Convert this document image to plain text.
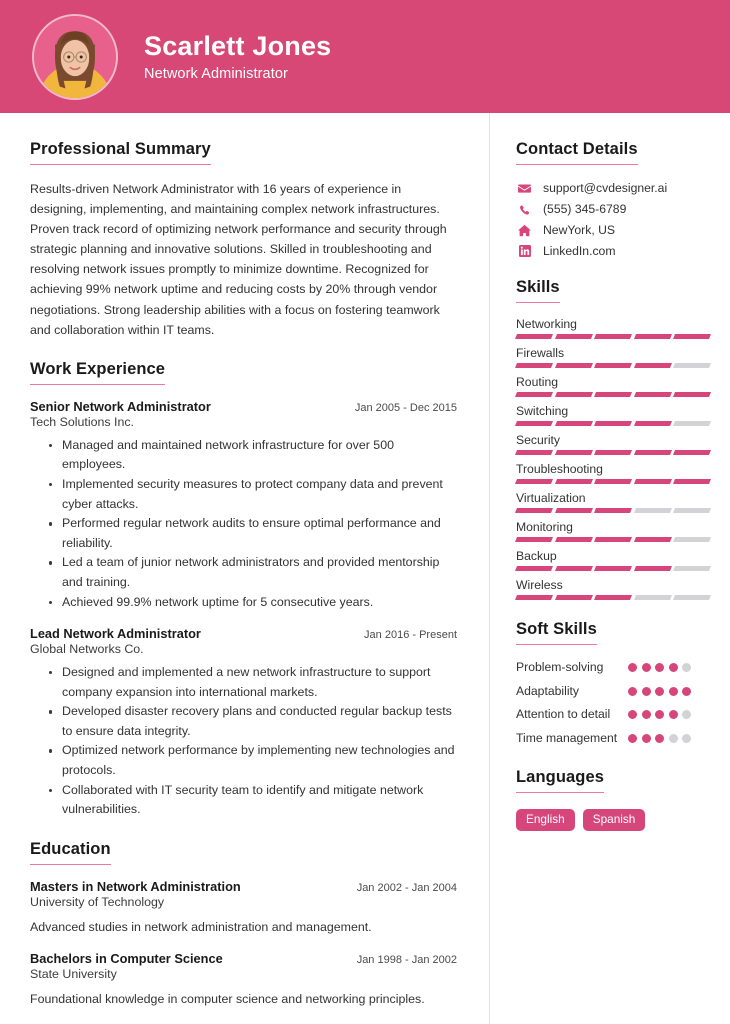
Scarlett Jones
Network Administrator
Professional Summary
Results-driven Network Administrator with 16 years of experience in designing, implementing, and maintaining complex network infrastructures. Proven track record of optimizing network performance and security through strategic planning and innovative solutions. Skilled in troubleshooting and resolving network issues promptly to minimize downtime. Recognized for achieving 99% network uptime and reducing costs by 20% through vendor negotiations. Strong leadership abilities with a focus on fostering teamwork and collaboration within IT teams.
Work Experience
Senior Network Administrator	Jan 2005 - Dec 2015
Tech Solutions Inc.
Managed and maintained network infrastructure for over 500 employees.
Implemented security measures to protect company data and prevent cyber attacks.
Performed regular network audits to ensure optimal performance and reliability.
Led a team of junior network administrators and provided mentorship and training.
Achieved 99.9% network uptime for 5 consecutive years.
Lead Network Administrator	Jan 2016 - Present
Global Networks Co.
Designed and implemented a new network infrastructure to support company expansion into international markets.
Developed disaster recovery plans and conducted regular backup tests to ensure data integrity.
Optimized network performance by implementing new technologies and protocols.
Collaborated with IT security team to identify and mitigate network vulnerabilities.
Education
Masters in Network Administration	Jan 2002 - Jan 2004
University of Technology
Advanced studies in network administration and management.
Bachelors in Computer Science	Jan 1998 - Jan 2002
State University
Foundational knowledge in computer science and networking principles.
Contact Details
support@cvdesigner.ai
(555) 345-6789
NewYork, US
LinkedIn.com
Skills
Networking
Firewalls
Routing
Switching
Security
Troubleshooting
Virtualization
Monitoring
Backup
Wireless
Soft Skills
Problem-solving
Adaptability
Attention to detail
Time management
Languages
English	Spanish
